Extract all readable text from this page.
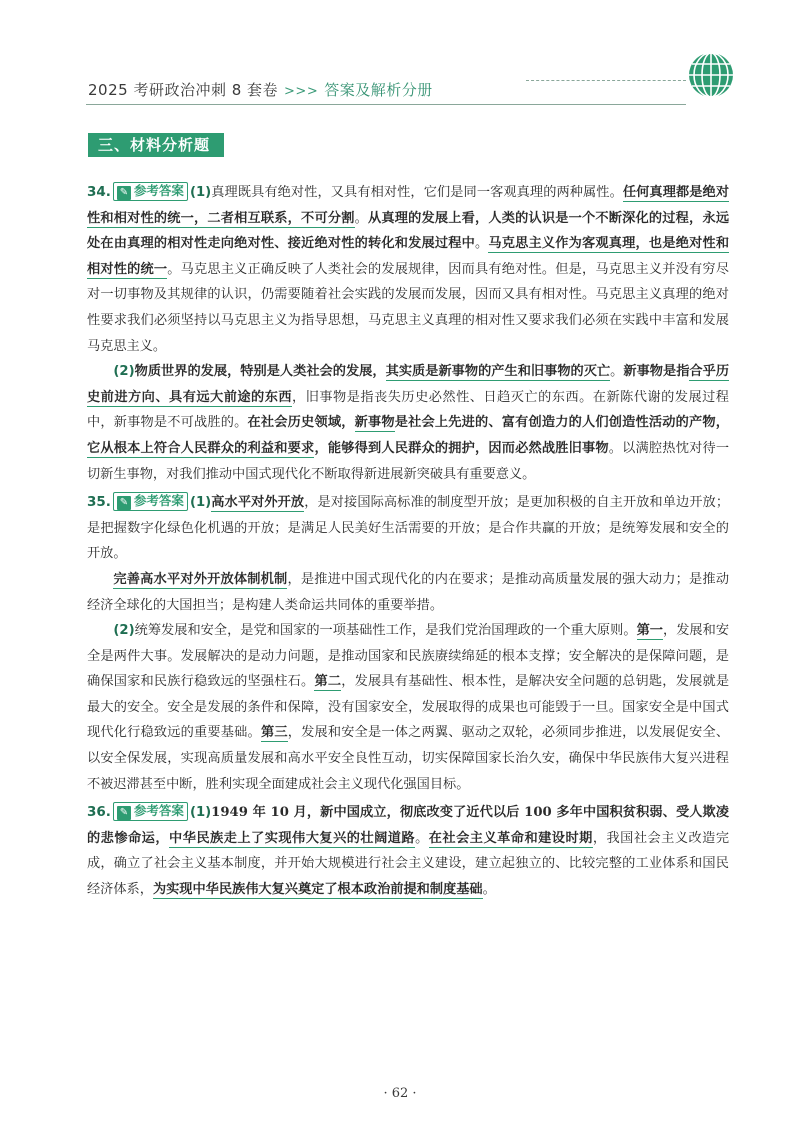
2025 考研政治冲刺 8 套卷 >>> 答案及解析分册
三、材料分析题
34. ✎ 参考答案 (1)真理既具有绝对性，又具有相对性，它们是同一客观真理的两种属性。任何真理都是绝对性和相对性的统一，二者相互联系，不可分割。从真理的发展上看，人类的认识是一个不断深化的过程，永远处在由真理的相对性走向绝对性、接近绝对性的转化和发展过程中。马克思主义作为客观真理，也是绝对性和相对性的统一。马克思主义正确反映了人类社会的发展规律，因而具有绝对性。但是，马克思主义并没有穷尽对一切事物及其规律的认识，仍需要随着社会实践的发展而发展，因而又具有相对性。马克思主义真理的绝对性要求我们必须坚持以马克思主义为指导思想，马克思主义真理的相对性又要求我们必须在实践中丰富和发展马克思主义。
(2)物质世界的发展，特别是人类社会的发展，其实质是新事物的产生和旧事物的灭亡。新事物是指合乎历史前进方向、具有远大前途的东西，旧事物是指丧失历史必然性、日趋灭亡的东西。在新陈代谢的发展过程中，新事物是不可战胜的。在社会历史领域，新事物是社会上先进的、富有创造力的人们创造性活动的产物，它从根本上符合人民群众的利益和要求，能够得到人民群众的拥护，因而必然战胜旧事物。以满腔热忱对待一切新生事物，对我们推动中国式现代化不断取得新进展新突破具有重要意义。
35. ✎ 参考答案 (1)高水平对外开放，是对接国际高标准的制度型开放；是更加积极的自主开放和单边开放；是把握数字化绿色化机遇的开放；是满足人民美好生活需要的开放；是合作共赢的开放；是统筹发展和安全的开放。
完善高水平对外开放体制机制，是推进中国式现代化的内在要求；是推动高质量发展的强大动力；是推动经济全球化的大国担当；是构建人类命运共同体的重要举措。
(2)统筹发展和安全，是党和国家的一项基础性工作，是我们党治国理政的一个重大原则。第一，发展和安全是两件大事。发展解决的是动力问题，是推动国家和民族赓续绵延的根本支撑；安全解决的是保障问题，是确保国家和民族行稳致远的坚强柱石。第二，发展具有基础性、根本性，是解决安全问题的总钥匙，发展就是最大的安全。安全是发展的条件和保障，没有国家安全，发展取得的成果也可能毁于一旦。国家安全是中国式现代化行稳致远的重要基础。第三，发展和安全是一体之两翼、驱动之双轮，必须同步推进，以发展促安全、以安全保发展，实现高质量发展和高水平安全良性互动，切实保障国家长治久安，确保中华民族伟大复兴进程不被迟滞甚至中断，胜利实现全面建成社会主义现代化强国目标。
36. ✎ 参考答案 (1)1949 年 10 月，新中国成立，彻底改变了近代以后 100 多年中国积贫积弱、受人欺凌的悲惨命运，中华民族走上了实现伟大复兴的壮阔道路。在社会主义革命和建设时期，我国社会主义改造完成，确立了社会主义基本制度，并开始大规模进行社会主义建设，建立起独立的、比较完整的工业体系和国民经济体系，为实现中华民族伟大复兴奠定了根本政治前提和制度基础。
· 62 ·
